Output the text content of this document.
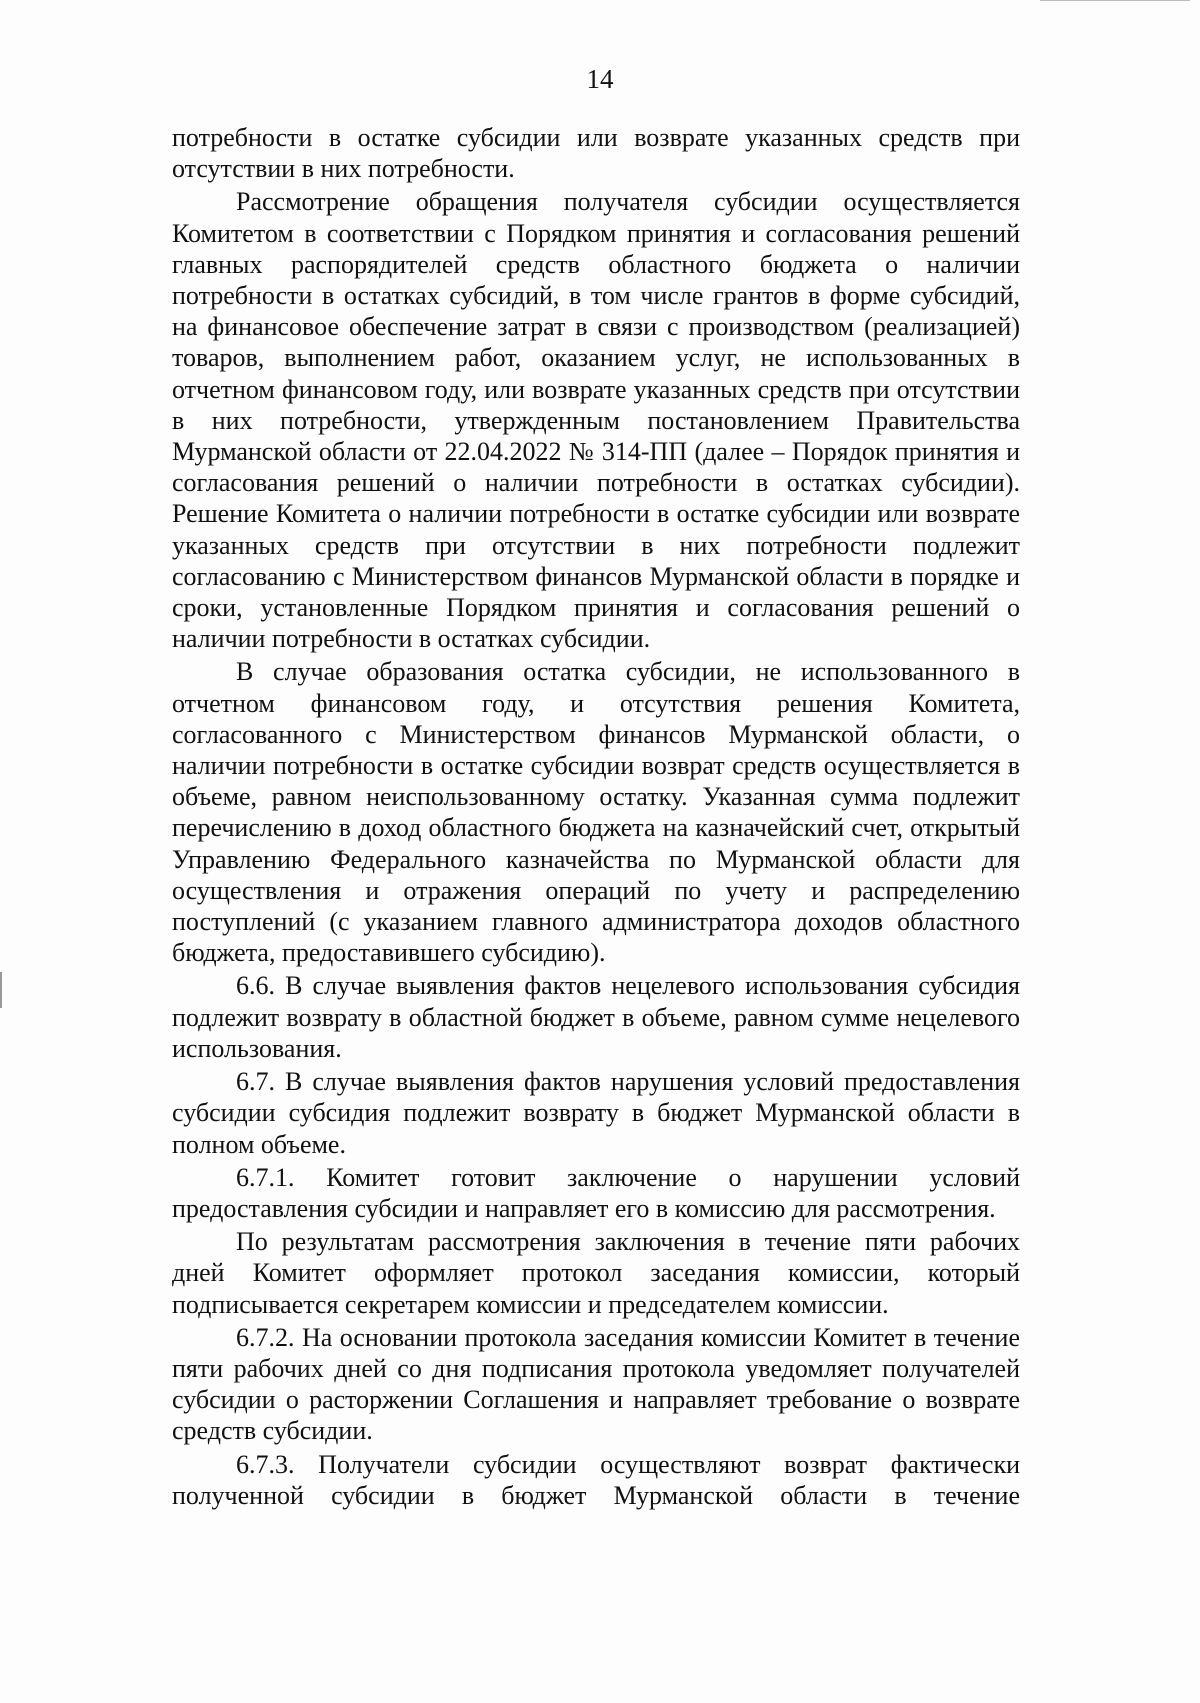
14

потребности в остатке субсидии или возврате указанных средств при отсутствии в них потребности.

Рассмотрение обращения получателя субсидии осуществляется Комитетом в соответствии с Порядком принятия и согласования решений главных распорядителей средств областного бюджета о наличии потребности в остатках субсидий, в том числе грантов в форме субсидий, на финансовое обеспечение затрат в связи с производством (реализацией) товаров, выполнением работ, оказанием услуг, не использованных в отчетном финансовом году, или возврате указанных средств при отсутствии в них потребности, утвержденным постановлением Правительства Мурманской области от 22.04.2022 № 314-ПП (далее – Порядок принятия и согласования решений о наличии потребности в остатках субсидии). Решение Комитета о наличии потребности в остатке субсидии или возврате указанных средств при отсутствии в них потребности подлежит согласованию с Министерством финансов Мурманской области в порядке и сроки, установленные Порядком принятия и согласования решений о наличии потребности в остатках субсидии.

В случае образования остатка субсидии, не использованного в отчетном финансовом году, и отсутствия решения Комитета, согласованного с Министерством финансов Мурманской области, о наличии потребности в остатке субсидии возврат средств осуществляется в объеме, равном неиспользованному остатку. Указанная сумма подлежит перечислению в доход областного бюджета на казначейский счет, открытый Управлению Федерального казначейства по Мурманской области для осуществления и отражения операций по учету и распределению поступлений (с указанием главного администратора доходов областного бюджета, предоставившего субсидию).

6.6. В случае выявления фактов нецелевого использования субсидия подлежит возврату в областной бюджет в объеме, равном сумме нецелевого использования.

6.7. В случае выявления фактов нарушения условий предоставления субсидии субсидия подлежит возврату в бюджет Мурманской области в полном объеме.

6.7.1. Комитет готовит заключение о нарушении условий предоставления субсидии и направляет его в комиссию для рассмотрения.

По результатам рассмотрения заключения в течение пяти рабочих дней Комитет оформляет протокол заседания комиссии, который подписывается секретарем комиссии и председателем комиссии.

6.7.2. На основании протокола заседания комиссии Комитет в течение пяти рабочих дней со дня подписания протокола уведомляет получателей субсидии о расторжении Соглашения и направляет требование о возврате средств субсидии.

6.7.3. Получатели субсидии осуществляют возврат фактически полученной субсидии в бюджет Мурманской области в течение
